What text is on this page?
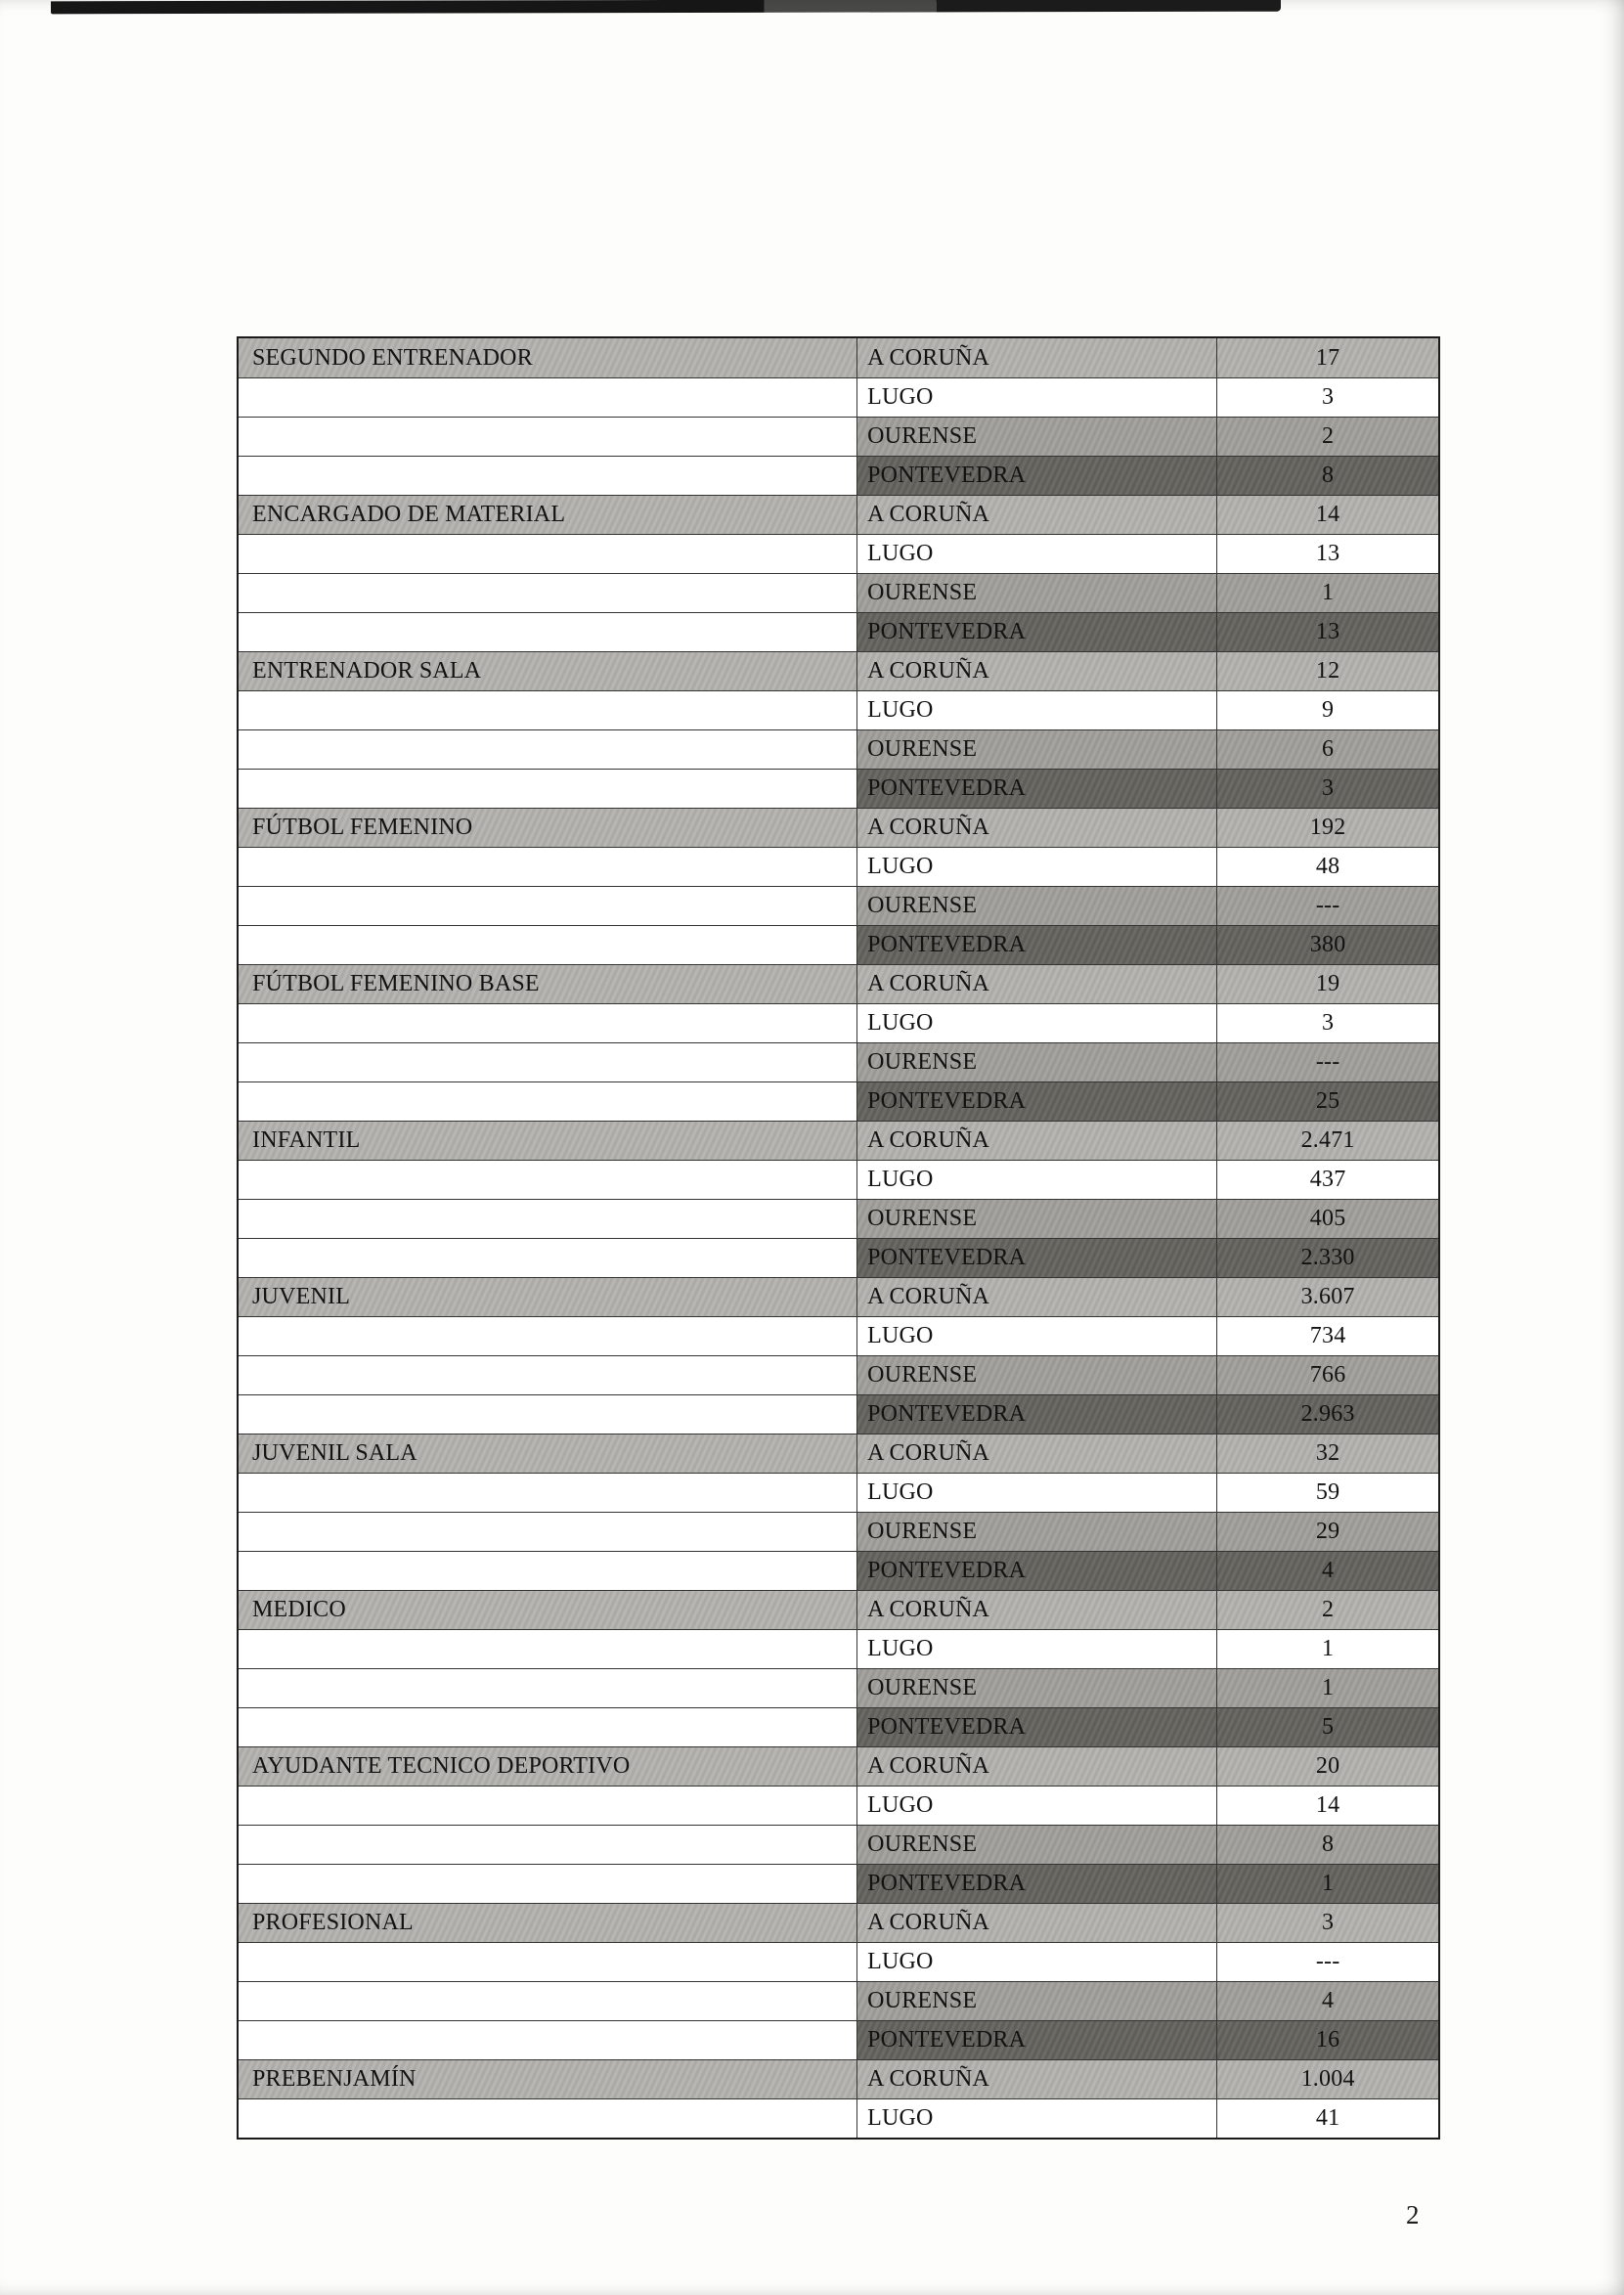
SEGUNDO ENTRENADOR	A CORUÑA	17
LUGO	3
OURENSE	2
PONTEVEDRA	8
ENCARGADO DE MATERIAL	A CORUÑA	14
LUGO	13
OURENSE	1
PONTEVEDRA	13
ENTRENADOR SALA	A CORUÑA	12
LUGO	9
OURENSE	6
PONTEVEDRA	3
FÚTBOL FEMENINO	A CORUÑA	192
LUGO	48
OURENSE	---
PONTEVEDRA	380
FÚTBOL FEMENINO BASE	A CORUÑA	19
LUGO	3
OURENSE	---
PONTEVEDRA	25
INFANTIL	A CORUÑA	2.471
LUGO	437
OURENSE	405
PONTEVEDRA	2.330
JUVENIL	A CORUÑA	3.607
LUGO	734
OURENSE	766
PONTEVEDRA	2.963
JUVENIL SALA	A CORUÑA	32
LUGO	59
OURENSE	29
PONTEVEDRA	4
MEDICO	A CORUÑA	2
LUGO	1
OURENSE	1
PONTEVEDRA	5
AYUDANTE TECNICO DEPORTIVO	A CORUÑA	20
LUGO	14
OURENSE	8
PONTEVEDRA	1
PROFESIONAL	A CORUÑA	3
LUGO	---
OURENSE	4
PONTEVEDRA	16
PREBENJAMÍN	A CORUÑA	1.004
LUGO	41
2
